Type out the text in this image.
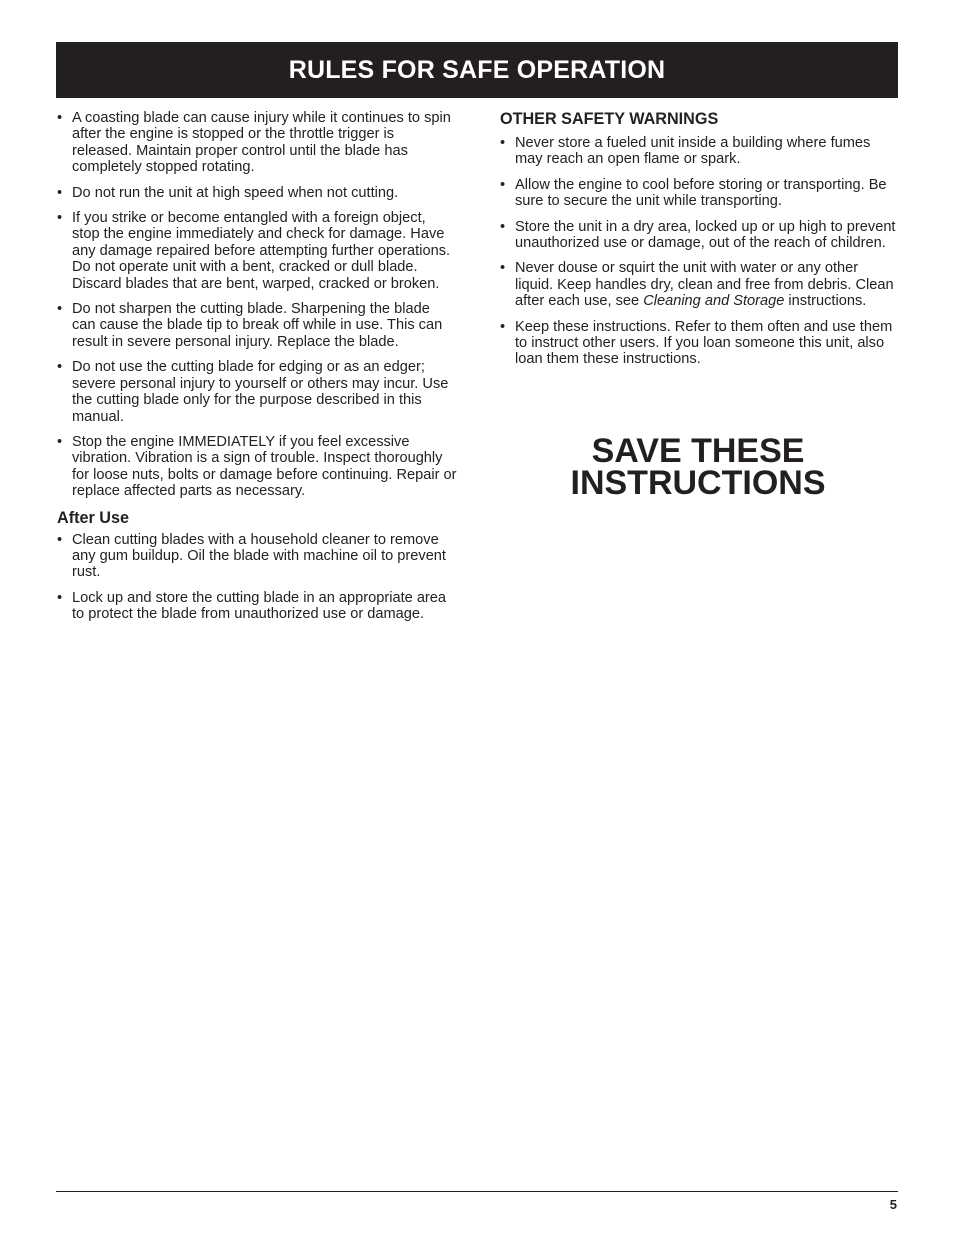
RULES FOR SAFE OPERATION
• A coasting blade can cause injury while it continues to spin after the engine is stopped or the throttle trigger is released. Maintain proper control until the blade has completely stopped rotating.
• Do not run the unit at high speed when not cutting.
• If you strike or become entangled with a foreign object, stop the engine immediately and check for damage. Have any damage repaired before attempting further operations. Do not operate unit with a bent, cracked or dull blade. Discard blades that are bent, warped, cracked or broken.
• Do not sharpen the cutting blade. Sharpening the blade can cause the blade tip to break off while in use. This can result in severe personal injury. Replace the blade.
• Do not use the cutting blade for edging or as an edger; severe personal injury to yourself or others may incur. Use the cutting blade only for the purpose described in this manual.
• Stop the engine IMMEDIATELY if you feel excessive vibration. Vibration is a sign of trouble. Inspect thoroughly for loose nuts, bolts or damage before continuing. Repair or replace affected parts as necessary.
After Use
• Clean cutting blades with a household cleaner to remove any gum buildup. Oil the blade with machine oil to prevent rust.
• Lock up and store the cutting blade in an appropriate area to protect the blade from unauthorized use or damage.
OTHER SAFETY WARNINGS
• Never store a fueled unit inside a building where fumes may reach an open flame or spark.
• Allow the engine to cool before storing or transporting. Be sure to secure the unit while transporting.
• Store the unit in a dry area, locked up or up high to prevent unauthorized use or damage, out of the reach of children.
• Never douse or squirt the unit with water or any other liquid. Keep handles dry, clean and free from debris. Clean after each use, see Cleaning and Storage instructions.
• Keep these instructions. Refer to them often and use them to instruct other users. If you loan someone this unit, also loan them these instructions.
SAVE THESE
INSTRUCTIONS
5
